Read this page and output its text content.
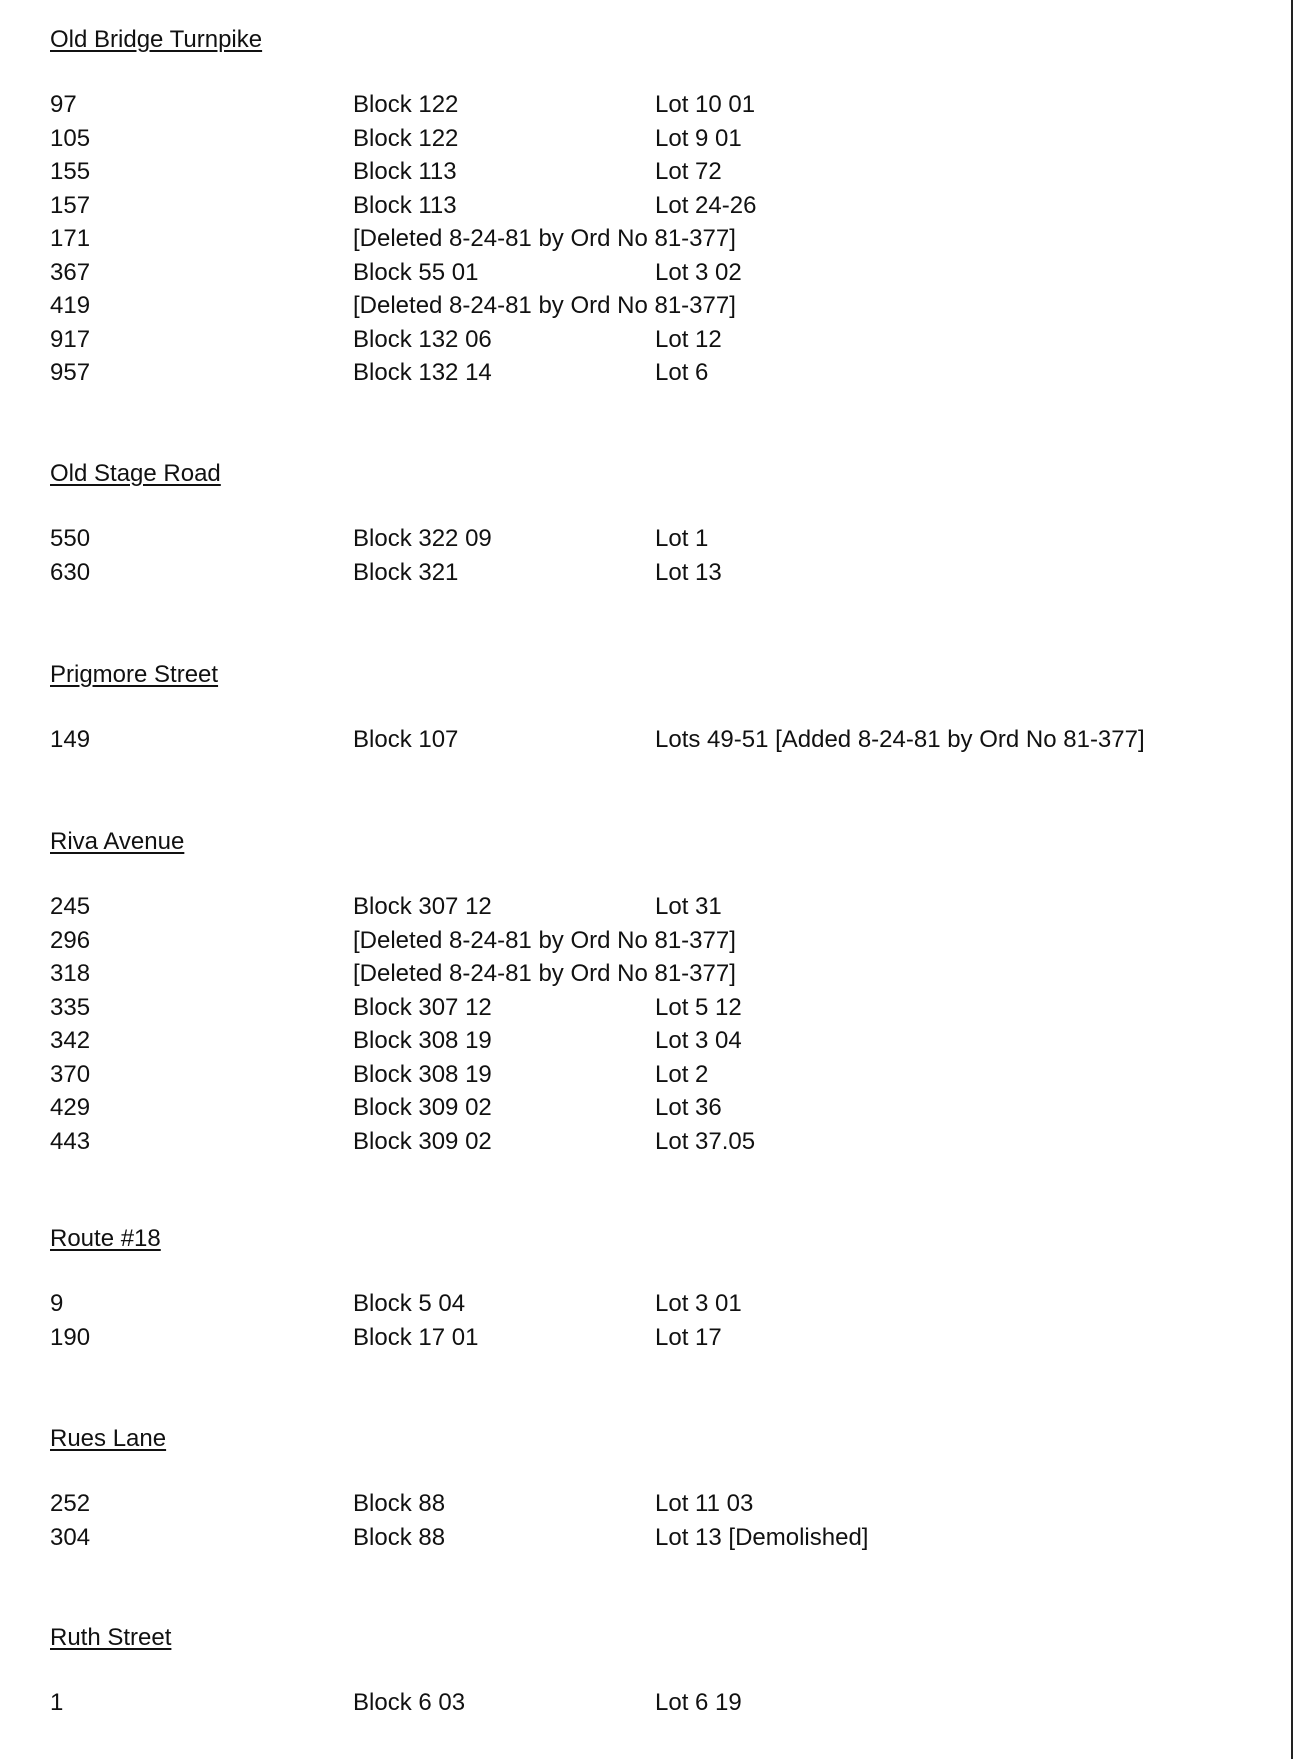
Old Bridge Turnpike
97	Block 122	Lot 10 01
105	Block 122	Lot 9 01
155	Block 113	Lot 72
157	Block 113	Lot 24-26
171	[Deleted 8-24-81 by Ord No 81-377]
367	Block 55 01	Lot 3 02
419	[Deleted 8-24-81 by Ord No 81-377]
917	Block 132 06	Lot 12
957	Block 132 14	Lot 6
Old Stage Road
550	Block 322 09	Lot 1
630	Block 321	Lot 13
Prigmore Street
149	Block 107	Lots 49-51 [Added 8-24-81 by Ord No 81-377]
Riva Avenue
245	Block 307 12	Lot 31
296	[Deleted 8-24-81 by Ord No 81-377]
318	[Deleted 8-24-81 by Ord No 81-377]
335	Block 307 12	Lot 5 12
342	Block 308 19	Lot 3 04
370	Block 308 19	Lot 2
429	Block 309 02	Lot 36
443	Block 309 02	Lot 37.05
Route #18
9	Block 5 04	Lot 3 01
190	Block 17 01	Lot 17
Rues Lane
252	Block 88	Lot 11 03
304	Block 88	Lot 13 [Demolished]
Ruth Street
1	Block 6 03	Lot 6 19
